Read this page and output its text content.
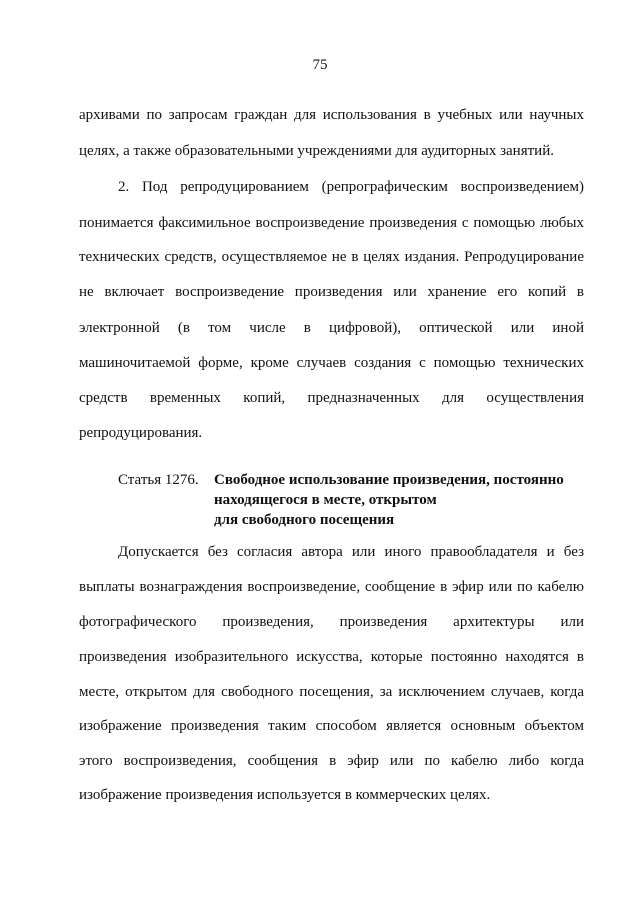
75
архивами по запросам граждан для использования в учебных или научных
целях, а также образовательными учреждениями для аудиторных занятий.
2. Под репродуцированием (репрографическим воспроизведением)
понимается факсимильное воспроизведение произведения с помощью любых
технических средств, осуществляемое не в целях издания. Репродуцирование
не включает воспроизведение произведения или хранение его копий в
электронной (в том числе в цифровой), оптической или иной
машиночитаемой форме, кроме случаев создания с помощью технических
средств временных копий, предназначенных для осуществления
репродуцирования.
Статья 1276. Свободное использование произведения, постоянно
находящегося в месте, открытом
для свободного посещения
Допускается без согласия автора или иного правообладателя и без
выплаты вознаграждения воспроизведение, сообщение в эфир или по кабелю
фотографического произведения, произведения архитектуры или
произведения изобразительного искусства, которые постоянно находятся в
месте, открытом для свободного посещения, за исключением случаев, когда
изображение произведения таким способом является основным объектом
этого воспроизведения, сообщения в эфир или по кабелю либо когда
изображение произведения используется в коммерческих целях.
